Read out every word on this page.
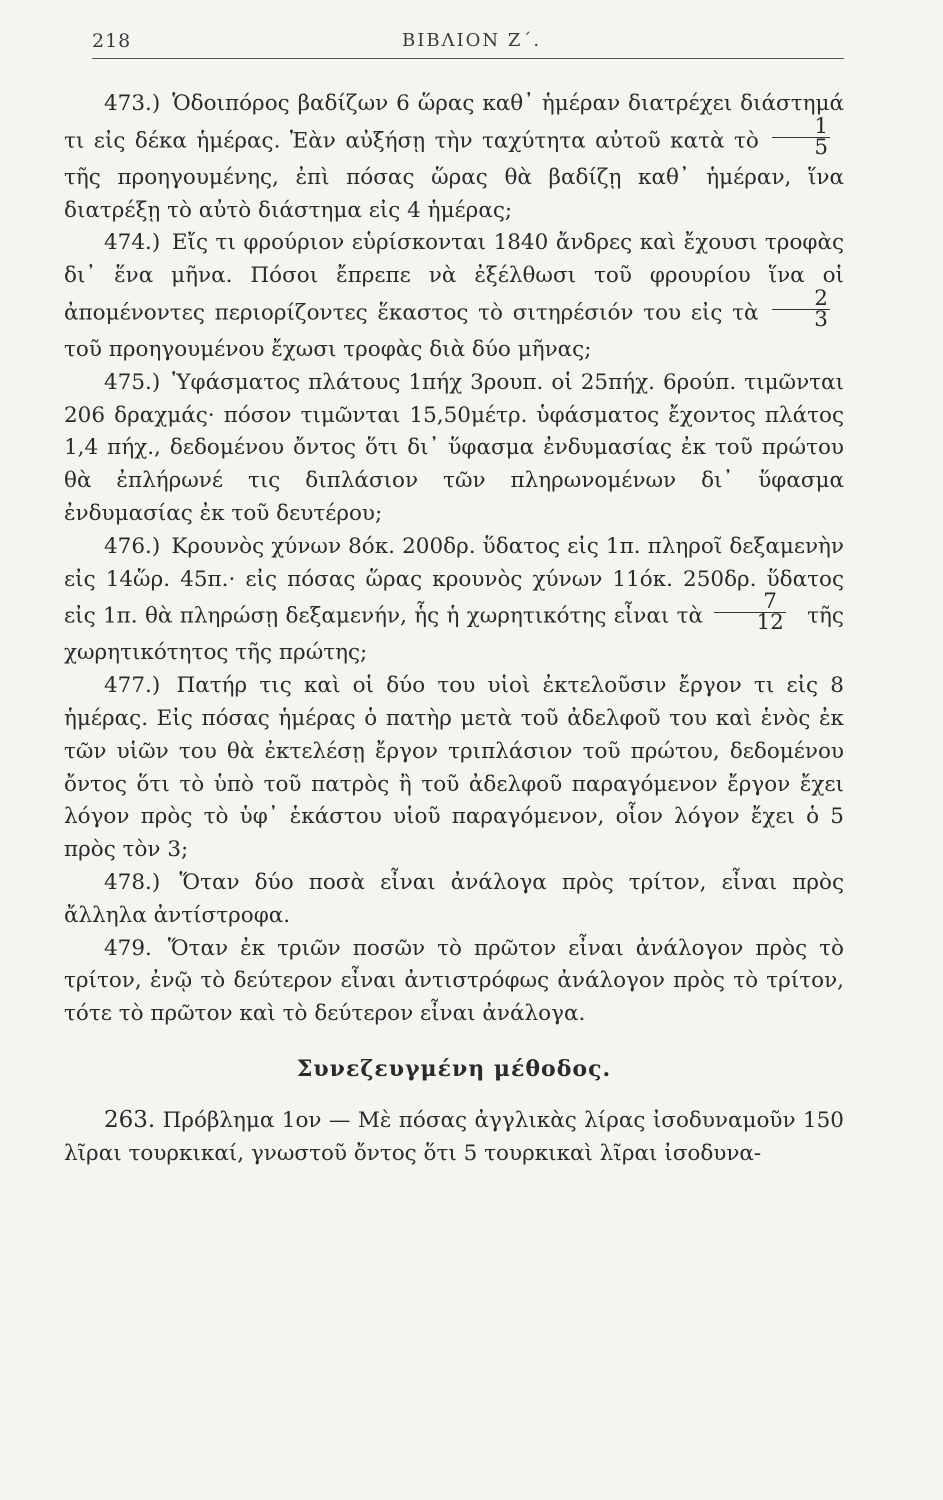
218	ΒΙΒΛΙΟΝ Ζ΄.

473.) Ὁδοιπόρος βαδίζων 6 ὥρας καθ᾽ ἡμέραν διατρέχει διάστημά τι εἰς δέκα ἡμέρας. Ἐὰν αὐξήσῃ τὴν ταχύτητα αὐτοῦ κατὰ τὸ $\frac{1}{5}$
τῆς προηγουμένης, ἐπὶ πόσας ὥρας θὰ βαδίζῃ καθ᾽ ἡμέραν, ἵνα διατρέξῃ τὸ αὐτὸ διάστημα εἰς 4 ἡμέρας;

474.) Εἴς τι φρούριον εὑρίσκονται 1840 ἄνδρες καὶ ἔχουσι τροφὰς δι᾽ ἕνα μῆνα. Πόσοι ἔπρεπε νὰ ἐξέλθωσι τοῦ φρουρίου ἵνα οἱ ἀπομένοντες περιορίζοντες ἕκαστος τὸ σιτηρέσιόν του εἰς τὰ $\frac{2}{3}$
τοῦ προηγουμένου ἔχωσι τροφὰς διὰ δύο μῆνας;

475.) Ὑφάσματος πλάτους 1πήχ 3ρουπ. οἱ 25πήχ. 6ρούπ. τιμῶνται 206 δραχμάς· πόσον τιμῶνται 15,50μέτρ. ὑφάσματος ἔχοντος πλάτος 1,4 πήχ., δεδομένου ὄντος ὅτι δι᾽ ὕφασμα ἐνδυμασίας ἐκ τοῦ πρώτου θὰ ἐπλήρωνέ τις διπλάσιον τῶν πληρωνομένων δι᾽ ὕφασμα ἐνδυμασίας ἐκ τοῦ δευτέρου;

476.) Κρουνὸς χύνων 8όκ. 200δρ. ὕδατος εἰς 1π. πληροῖ δεξαμενὴν εἰς 14ὥρ. 45π.· εἰς πόσας ὥρας κρουνὸς χύνων 11όκ. 250δρ. ὕδατος εἰς 1π. θὰ πληρώσῃ δεξαμενήν, ἧς ἡ χωρητικότης εἶναι τὰ $\frac{7}{12}$ τῆς χωρητικότητος τῆς πρώτης;

477.) Πατήρ τις καὶ οἱ δύο του υἱοὶ ἐκτελοῦσιν ἔργον τι εἰς 8 ἡμέρας. Εἰς πόσας ἡμέρας ὁ πατὴρ μετὰ τοῦ ἀδελφοῦ του καὶ ἑνὸς ἐκ τῶν υἱῶν του θὰ ἐκτελέσῃ ἔργον τριπλάσιον τοῦ πρώτου, δεδομένου ὄντος ὅτι τὸ ὑπὸ τοῦ πατρὸς ἢ τοῦ ἀδελφοῦ παραγόμενον ἔργον ἔχει λόγον πρὸς τὸ ὑφ᾽ ἑκάστου υἱοῦ παραγόμενον, οἷον λόγον ἔχει ὁ 5 πρὸς τὸν 3;

478.) Ὅταν δύο ποσὰ εἶναι ἀνάλογα πρὸς τρίτον, εἶναι πρὸς ἄλληλα ἀντίστροφα.

479. Ὅταν ἐκ τριῶν ποσῶν τὸ πρῶτον εἶναι ἀνάλογον πρὸς τὸ τρίτον, ἐνῷ τὸ δεύτερον εἶναι ἀντιστρόφως ἀνάλογον πρὸς τὸ τρίτον, τότε τὸ πρῶτον καὶ τὸ δεύτερον εἶναι ἀνάλογα.

Συνεζευγμένη μέθοδος.

263. Πρόβλημα 1ον — Μὲ πόσας ἀγγλικὰς λίρας ἰσοδυναμοῦν 150 λῖραι τουρκικαί, γνωστοῦ ὄντος ὅτι 5 τουρκικαὶ λῖραι ἰσοδυνα-
